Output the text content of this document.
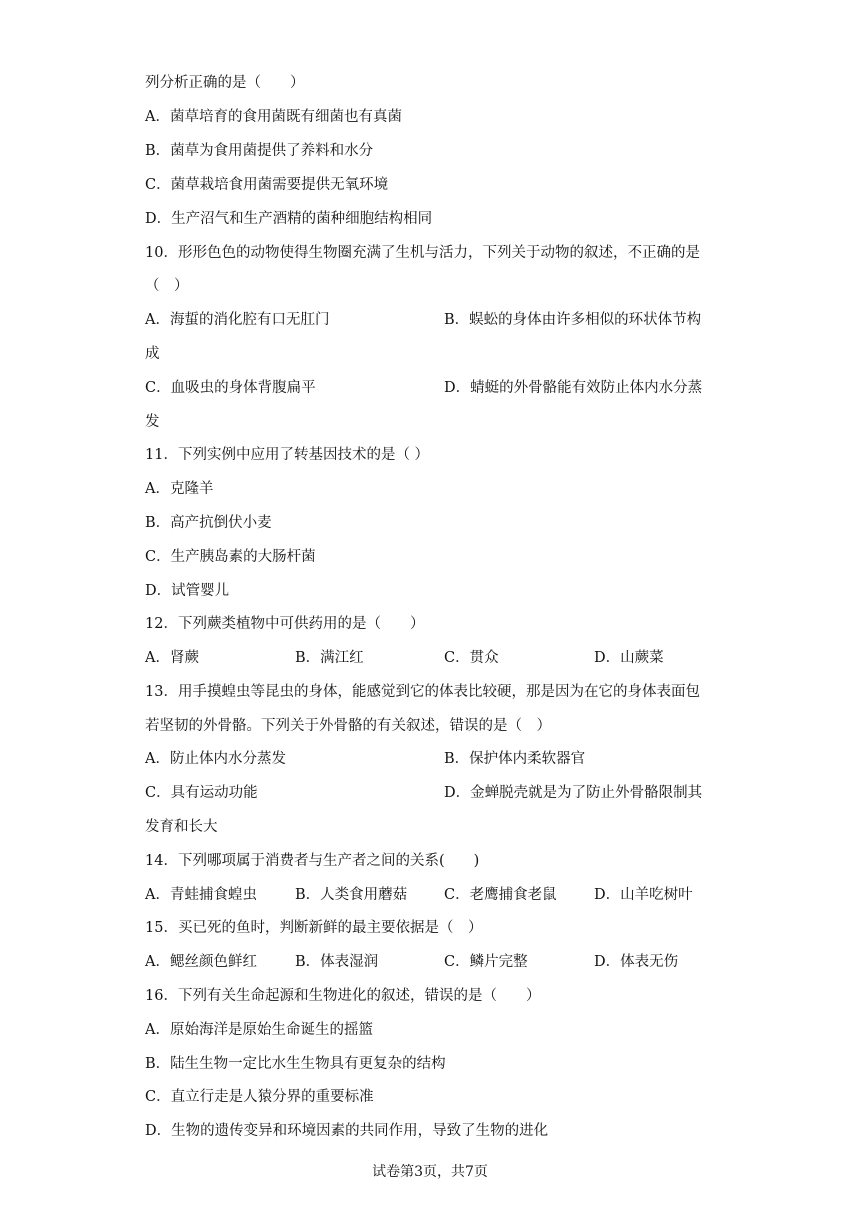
列分析正确的是（　　）
A．菌草培育的食用菌既有细菌也有真菌
B．菌草为食用菌提供了养料和水分
C．菌草栽培食用菌需要提供无氧环境
D．生产沼气和生产酒精的菌种细胞结构相同
10．形形色色的动物使得生物圈充满了生机与活力，下列关于动物的叙述，不正确的是
（　）
A．海蜇的消化腔有口无肛门	B．蜈蚣的身体由许多相似的环状体节构
成
C．血吸虫的身体背腹扁平	D．蜻蜓的外骨骼能有效防止体内水分蒸
发
11．下列实例中应用了转基因技术的是（ ）
A．克隆羊
B．高产抗倒伏小麦
C．生产胰岛素的大肠杆菌
D．试管婴儿
12．下列蕨类植物中可供药用的是（　　）
A．肾蕨	B．满江红	C．贯众	D．山蕨菜
13．用手摸蝗虫等昆虫的身体，能感觉到它的体表比较硬，那是因为在它的身体表面包
若坚韧的外骨骼。下列关于外骨骼的有关叙述，错误的是（　）
A．防止体内水分蒸发	B．保护体内柔软器官
C．具有运动功能	D．金蝉脱壳就是为了防止外骨骼限制其
发育和长大
14．下列哪项属于消费者与生产者之间的关系(　　)
A．青蛙捕食蝗虫	B．人类食用蘑菇	C．老鹰捕食老鼠	D．山羊吃树叶
15．买已死的鱼时，判断新鲜的最主要依据是（　）
A．鳃丝颜色鲜红	B．体表湿润	C．鳞片完整	D．体表无伤
16．下列有关生命起源和生物进化的叙述，错误的是（　　）
A．原始海洋是原始生命诞生的摇篮
B．陆生生物一定比水生生物具有更复杂的结构
C．直立行走是人猿分界的重要标准
D．生物的遗传变异和环境因素的共同作用，导致了生物的进化
试卷第3页，共7页
